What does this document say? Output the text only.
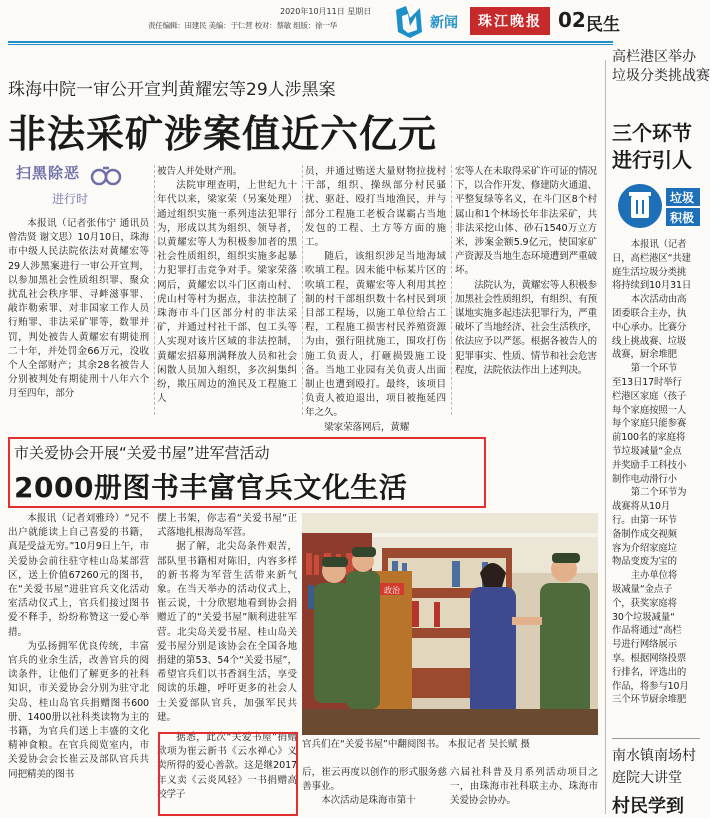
2020年10月11日 星期日
责任编辑：田建民 美编：于仁营 校对：蔡敏 组版：徐一华	新闻	珠江晚报 02 民生
珠海中院一审公开宣判黄耀宏等29人涉黑案
非法采矿涉案值近六亿元
扫黑除恶
进行时

本报讯（记者张伟宁 通讯员曾浩贤 谢文思）10月10日，珠海市中级人民法院依法对黄耀宏等29人涉黑案进行一审公开宣判，以参加黑社会性质组织罪、聚众扰乱社会秩序罪、寻衅滋事罪、敲诈勒索罪、对非国家工作人员行贿罪、非法采矿罪等，数罪并罚，判处被告人黄耀宏有期徒刑二十年，并处罚金66万元，没收个人全部财产；其余28名被告人分别被判处有期徒刑十八年六个月至四年，部分

被告人并处财产刑。

法院审理查明，上世纪九十年代以来，梁家荣（另案处理）通过组织实施一系列违法犯罪行为，形成以其为组织、领导者，以黄耀宏等人为积极参加者的黑社会性质组织，组织实施多起暴力犯罪打击竞争对手。梁家荣落网后，黄耀宏以斗门区南山村、虎山村等村为据点，非法控制了珠海市斗门区部分村的非法采矿，并通过村社干部、包工头等人实现对该片区域的非法控制，黄耀宏招募刑满释放人员和社会闲散人员加入组织，多次糾集纠纷，欺压周边的渔民及工程施工人

员，并通过贿送大量财物拉拢村干部，组织、操纵部分村民骚扰、驱赶、殴打当地渔民，并与部分工程施工老板合谋霸占当地发包的工程、土方等方面的施工。

随后，该组织涉足当地海域吹填工程。因未能中标某片区的吹填工程，黄耀宏等人利用其控制的村干部组织数十名村民到项目部工程场，以施工单位给占工程，工程施工损害村民养殖资源为由，强行阻扰施工，围攻打伤施工负责人，打砸损毁施工设备。当地工业园有关负责人出面制止也遭到殴打。最终，该项目负责人被迫退出，项目被拖延四年之久。

梁家荣落网后，黄耀

宏等人在未取得采矿许可证的情况下，以合作开发、修建防火通道、平整复绿等名义，在斗门区8个村属山和1个林场长年非法采矿，共非法采挖山体、砂石1540万立方米，涉案金额5.9亿元，使国家矿产资源及当地生态环境遭到严重破坏。

法院认为，黄耀宏等人积极参加黑社会性质组织，有组织、有预谋地实施多起违法犯罪行为，严重破坏了当地经济、社会生活秩序，依法应予以严惩。根据各被告人的犯罪事实、性质、情节和社会危害程度，法院依法作出上述判决。

市关爱协会开展“关爱书屋”进军营活动
2000册图书丰富官兵文化生活

本报讯（记者刘雅玲）“兄不出户就能读上自己喜爱的书籍，真是受益无穷。”10月9日上午，市关爱协会前往驻守桂山岛某部营区，送上价值67260元的图书，在“关爱书屋”进驻官兵文化活动室活动仪式上，官兵们接过图书爱不释手，纷纷称赞这一爱心举措。

为弘扬拥军优良传统，丰富官兵的业余生活，改善官兵的阅读条件，让他们了解更多的社科知识，市关爱协会分别为驻守北尖岛、桂山岛官兵捐赠图书600册、1400册以社科类读物为主的书籍，为官兵们送上丰盛的文化精神食粮。在官兵阅览室内，市关爱协会会长崔云及部队官兵共同把精美的图书

摆上书架，你志看“关爱书屋”正式落地扎根海岛军营。

据了解，北尖岛条件艰苦，部队里书籍相对陈旧，内容多样的新书将为军营生活带来新气象。在当天举办的活动仪式上，崔云说，十分欣慰地看到协会捐赠近了的“关爱书屋”顺利进驻军营。北尖岛关爱书屋、桂山岛关爱书屋分别是该协会在全国各地捐建的第53、54个“关爱书屋”，希望官兵们以书香润生活，享受阅读的乐趣，呼吁更多的社会人士关爱部队官兵，加强军民共建。

据悉，此次“关爱书屋”捐赠款项为崔云新书《云水禅心》义卖所得的爱心善款。这是继2017年义卖《云炎风轻》一书捐赠高校学子

政治
官兵们在“关爱书屋”中翻阅图书。 本报记者 吴长赋 摄

后，崔云再度以创作的形式服务慈善事业。

本次活动是珠海市第十

六届社科普及月系列活动项目之一，由珠海市社科联主办、珠海市关爱协会协办。

高栏港区举办
垃圾分类挑战赛
三个环节
进行引人
垃圾
积极

本报讯（记者

日，高栏港区“共建

庭生活垃圾分类挑

将持续到10月31日

本次活动由高

团委联合主办，执

中心承办。比赛分

线上挑战赛、垃圾

战赛，厨余堆肥

第一个环节

至13日17时举行

栏港区家庭（孩子

每个家庭按照一人

每个家庭只能参赛

前100名的家庭将

节垃圾减量“金点

并奖励手工科技小

制作电动滑行小

第二个环节为

战赛将从10月

行。由第一环节

备制作成交视频

容为介绍家庭垃

物品变废为宝的

主办单位将

圾减量“金点子

个，获奖家庭将

30个垃圾减量“

作品将通过“高栏

号进行网络展示

享。根据网络投票

行排名，评选出的

作品，将参与10月

三个环节厨余堆肥

南水镇南场村
庭院大讲堂
村民学到
